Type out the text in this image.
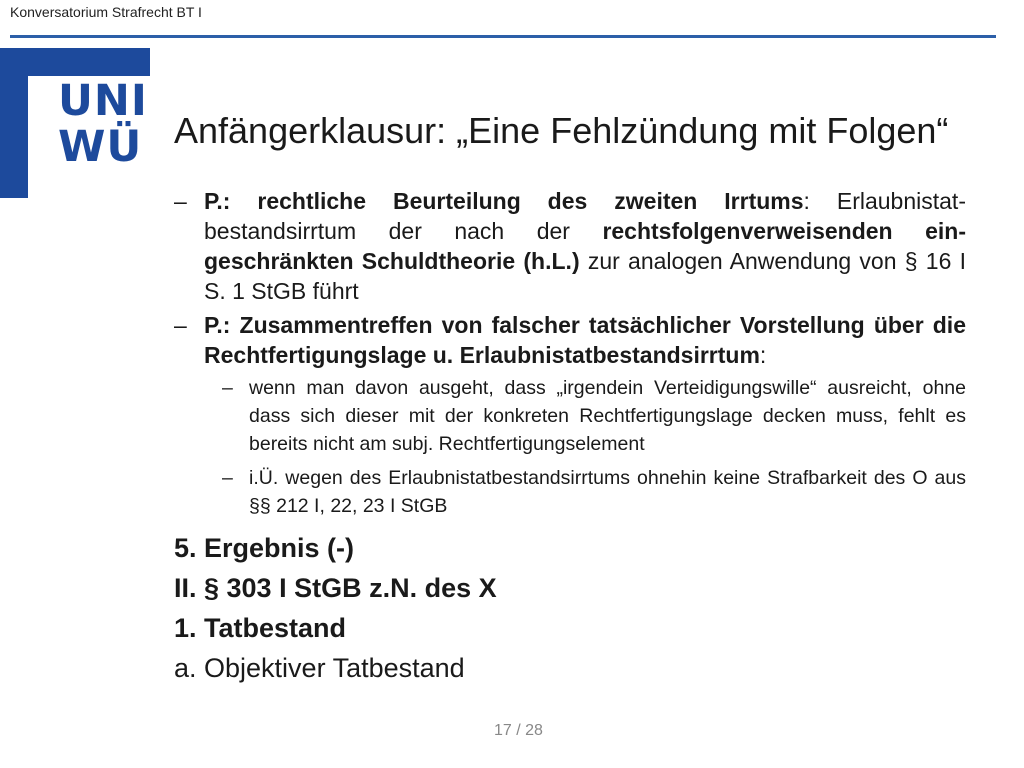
Konversatorium Strafrecht BT I
UNI
WÜ Anfängerklausur: „Eine Fehlzündung mit Folgen“
– P.: rechtliche Beurteilung des zweiten Irrtums: Erlaubnistatbestandsirrtum der nach der rechtsfolgenverweisenden eingeschränkten Schuldtheorie (h.L.) zur analogen Anwendung von § 16 I S. 1 StGB führt
– P.: Zusammentreffen von falscher tatsächlicher Vorstellung über die Rechtfertigungslage u. Erlaubnistatbestandsirrtum:
– wenn man davon ausgeht, dass „irgendein Verteidigungswille“ ausreicht, ohne dass sich dieser mit der konkreten Rechtfertigungslage decken muss, fehlt es bereits nicht am subj. Rechtfertigungselement
– i.Ü. wegen des Erlaubnistatbestandsirrtums ohnehin keine Strafbarkeit des O aus §§ 212 I, 22, 23 I StGB
5. Ergebnis (-)
II. § 303 I StGB z.N. des X
1. Tatbestand
a. Objektiver Tatbestand
17 / 28
